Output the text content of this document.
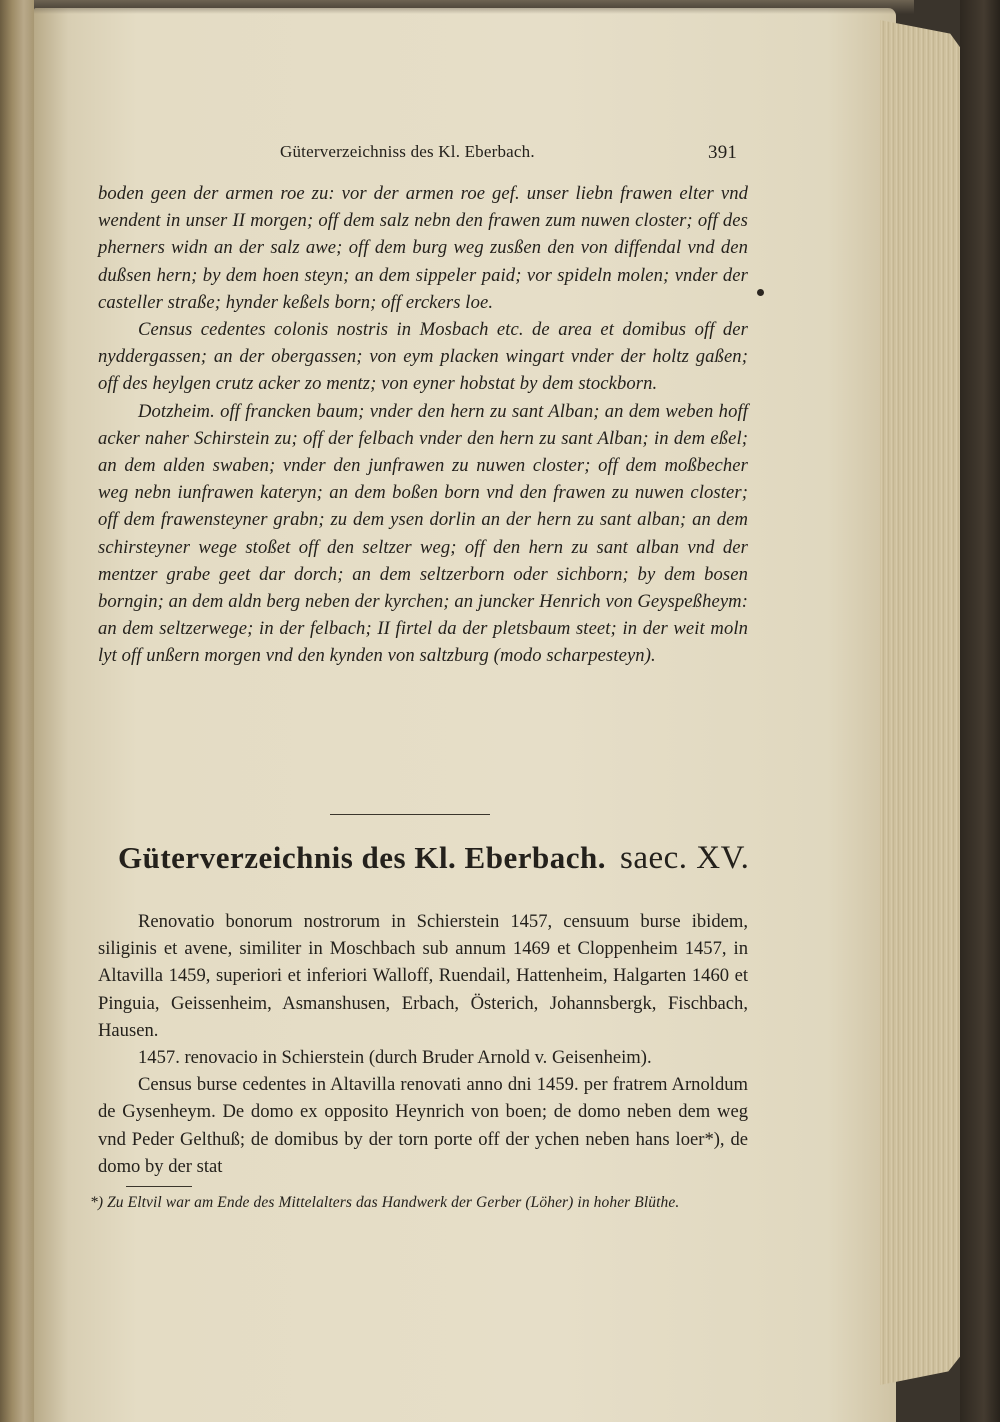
Güterverzeichniss des Kl. Eberbach.	391

boden geen der armen roe zu: vor der armen roe gef. unser liebn frawen elter vnd wendent in unser II morgen; off dem salz nebn den frawen zum nuwen closter; off des pherners widn an der salz awe; off dem burg weg zusßen den von diffendal vnd den dußsen hern; by dem hoen steyn; an dem sippeler paid; vor spideln molen; vnder der casteller straße; hynder keßels born; off erckers loe.

Census cedentes colonis nostris in Mosbach etc. de area et domibus off der nyddergassen; an der obergassen; von eym placken wingart vnder der holtz gaßen; off des heylgen crutz acker zo mentz; von eyner hobstat by dem stockborn.

Dotzheim. off francken baum; vnder den hern zu sant Alban; an dem weben hoff acker naher Schirstein zu; off der felbach vnder den hern zu sant Alban; in dem eßel; an dem alden swaben; vnder den junfrawen zu nuwen closter; off dem moßbecher weg nebn iunfrawen kateryn; an dem boßen born vnd den frawen zu nuwen closter; off dem frawensteyner grabn; zu dem ysen dorlin an der hern zu sant alban; an dem schirsteyner wege stoßet off den seltzer weg; off den hern zu sant alban vnd der mentzer grabe geet dar dorch; an dem seltzerborn oder sichborn; by dem bosen borngin; an dem aldn berg neben der kyrchen; an juncker Henrich von Geyspeßheym: an dem seltzerwege; in der felbach; II firtel da der pletsbaum steet; in der weit moln lyt off unßern morgen vnd den kynden von saltzburg (modo scharpesteyn).

Güterverzeichnis des Kl. Eberbach. saec. XV.

Renovatio bonorum nostrorum in Schierstein 1457, censuum burse ibidem, siliginis et avene, similiter in Moschbach sub annum 1469 et Cloppenheim 1457, in Altavilla 1459, superiori et inferiori Walloff, Ruendail, Hattenheim, Halgarten 1460 et Pinguia, Geissenheim, Asmanshusen, Erbach, Österich, Johannsbergk, Fischbach, Hausen.

1457. renovacio in Schierstein (durch Bruder Arnold v. Geisenheim).

Census burse cedentes in Altavilla renovati anno dni 1459. per fratrem Arnoldum de Gysenheym. De domo ex opposito Heynrich von boen; de domo neben dem weg vnd Peder Gelthuß; de domibus by der torn porte off der ychen neben hans loer*), de domo by der stat

*) Zu Eltvil war am Ende des Mittelalters das Handwerk der Gerber (Löher) in hoher Blüthe.
